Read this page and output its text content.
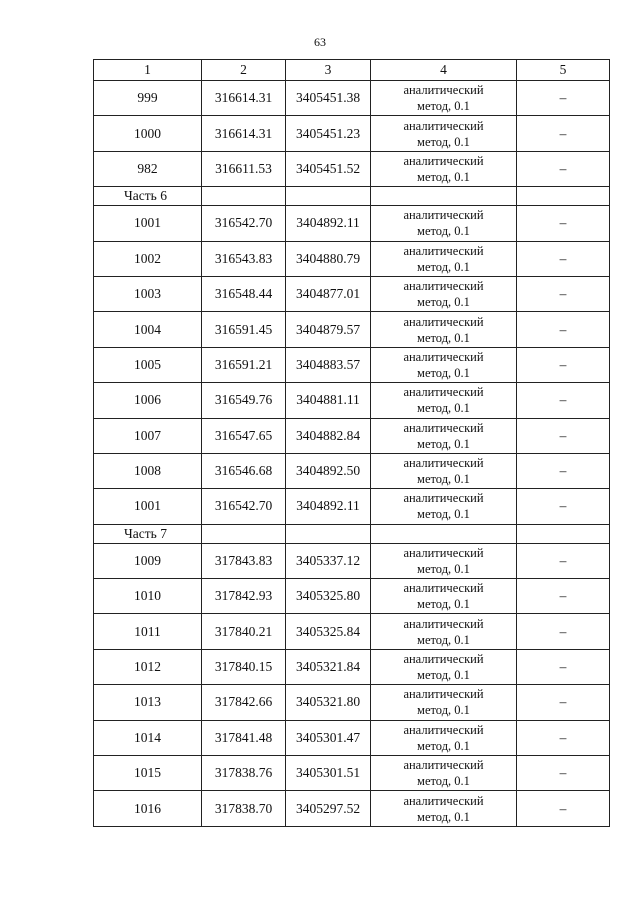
63
1	2	3	4	5
999	316614.31	3405451.38	аналитический
метод, 0.1	–
1000	316614.31	3405451.23	аналитический
метод, 0.1	–
982	316611.53	3405451.52	аналитический
метод, 0.1	–
Часть 6				
1001	316542.70	3404892.11	аналитический
метод, 0.1	–
1002	316543.83	3404880.79	аналитический
метод, 0.1	–
1003	316548.44	3404877.01	аналитический
метод, 0.1	–
1004	316591.45	3404879.57	аналитический
метод, 0.1	–
1005	316591.21	3404883.57	аналитический
метод, 0.1	–
1006	316549.76	3404881.11	аналитический
метод, 0.1	–
1007	316547.65	3404882.84	аналитический
метод, 0.1	–
1008	316546.68	3404892.50	аналитический
метод, 0.1	–
1001	316542.70	3404892.11	аналитический
метод, 0.1	–
Часть 7				
1009	317843.83	3405337.12	аналитический
метод, 0.1	–
1010	317842.93	3405325.80	аналитический
метод, 0.1	–
1011	317840.21	3405325.84	аналитический
метод, 0.1	–
1012	317840.15	3405321.84	аналитический
метод, 0.1	–
1013	317842.66	3405321.80	аналитический
метод, 0.1	–
1014	317841.48	3405301.47	аналитический
метод, 0.1	–
1015	317838.76	3405301.51	аналитический
метод, 0.1	–
1016	317838.70	3405297.52	аналитический
метод, 0.1	–
